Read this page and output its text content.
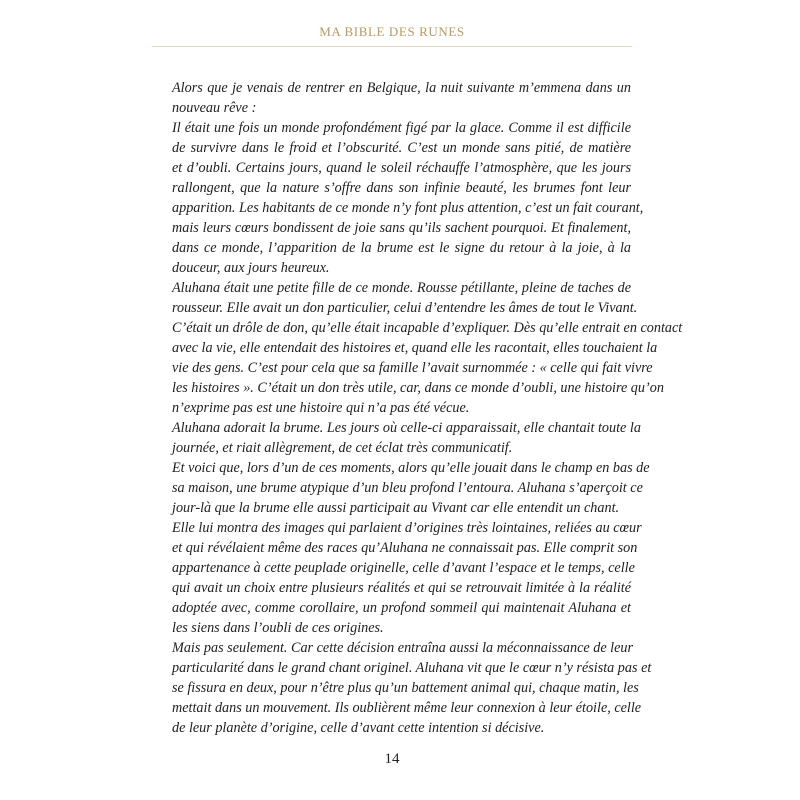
MA BIBLE DES RUNES
Alors que je venais de rentrer en Belgique, la nuit suivante m’emmena dans un
nouveau rêve :
Il était une fois un monde profondément figé par la glace. Comme il est difficile
de survivre dans le froid et l’obscurité. C’est un monde sans pitié, de matière
et d’oubli. Certains jours, quand le soleil réchauffe l’atmosphère, que les jours
rallongent, que la nature s’offre dans son infinie beauté, les brumes font leur
apparition. Les habitants de ce monde n’y font plus attention, c’est un fait courant,
mais leurs cœurs bondissent de joie sans qu’ils sachent pourquoi. Et finalement,
dans ce monde, l’apparition de la brume est le signe du retour à la joie, à la
douceur, aux jours heureux.
Aluhana était une petite fille de ce monde. Rousse pétillante, pleine de taches de
rousseur. Elle avait un don particulier, celui d’entendre les âmes de tout le Vivant.
C’était un drôle de don, qu’elle était incapable d’expliquer. Dès qu’elle entrait en contact
avec la vie, elle entendait des histoires et, quand elle les racontait, elles touchaient la
vie des gens. C’est pour cela que sa famille l’avait surnommée : « celle qui fait vivre
les histoires ». C’était un don très utile, car, dans ce monde d’oubli, une histoire qu’on
n’exprime pas est une histoire qui n’a pas été vécue.
Aluhana adorait la brume. Les jours où celle-ci apparaissait, elle chantait toute la
journée, et riait allègrement, de cet éclat très communicatif.
Et voici que, lors d’un de ces moments, alors qu’elle jouait dans le champ en bas de
sa maison, une brume atypique d’un bleu profond l’entoura. Aluhana s’aperçoit ce
jour-là que la brume elle aussi participait au Vivant car elle entendit un chant.
Elle lui montra des images qui parlaient d’origines très lointaines, reliées au cœur
et qui révélaient même des races qu’Aluhana ne connaissait pas. Elle comprit son
appartenance à cette peuplade originelle, celle d’avant l’espace et le temps, celle
qui avait un choix entre plusieurs réalités et qui se retrouvait limitée à la réalité
adoptée avec, comme corollaire, un profond sommeil qui maintenait Aluhana et
les siens dans l’oubli de ces origines.
Mais pas seulement. Car cette décision entraîna aussi la méconnaissance de leur
particularité dans le grand chant originel. Aluhana vit que le cœur n’y résista pas et
se fissura en deux, pour n’être plus qu’un battement animal qui, chaque matin, les
mettait dans un mouvement. Ils oublièrent même leur connexion à leur étoile, celle
de leur planète d’origine, celle d’avant cette intention si décisive.
14
